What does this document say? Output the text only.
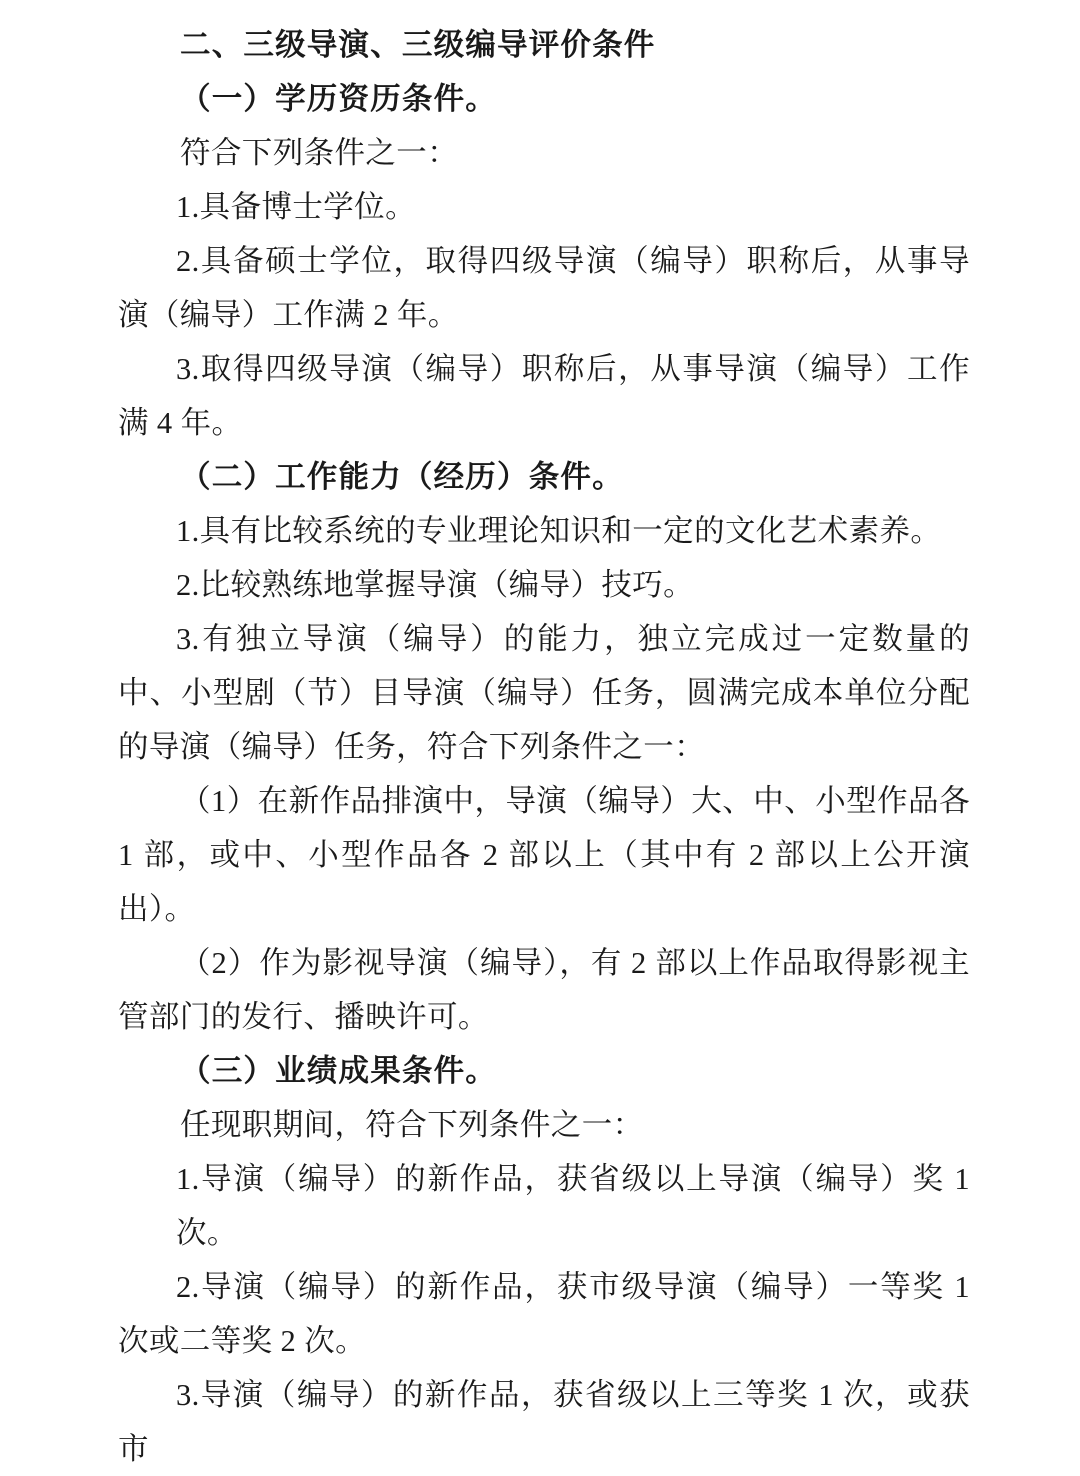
二、三级导演、三级编导评价条件

（一）学历资历条件。

符合下列条件之一：

1.具备博士学位。

2.具备硕士学位，取得四级导演（编导）职称后，从事导演（编导）工作满 2 年。

3.取得四级导演（编导）职称后，从事导演（编导）工作满 4 年。

（二）工作能力（经历）条件。

1.具有比较系统的专业理论知识和一定的文化艺术素养。

2.比较熟练地掌握导演（编导）技巧。

3.有独立导演（编导）的能力，独立完成过一定数量的中、小型剧（节）目导演（编导）任务，圆满完成本单位分配的导演（编导）任务，符合下列条件之一：

（1）在新作品排演中，导演（编导）大、中、小型作品各 1 部，或中、小型作品各 2 部以上（其中有 2 部以上公开演出）。

（2）作为影视导演（编导），有 2 部以上作品取得影视主管部门的发行、播映许可。

（三）业绩成果条件。

任现职期间，符合下列条件之一：

1.导演（编导）的新作品，获省级以上导演（编导）奖 1 次。

2.导演（编导）的新作品，获市级导演（编导）一等奖 1 次或二等奖 2 次。

3.导演（编导）的新作品，获省级以上三等奖 1 次，或获市
